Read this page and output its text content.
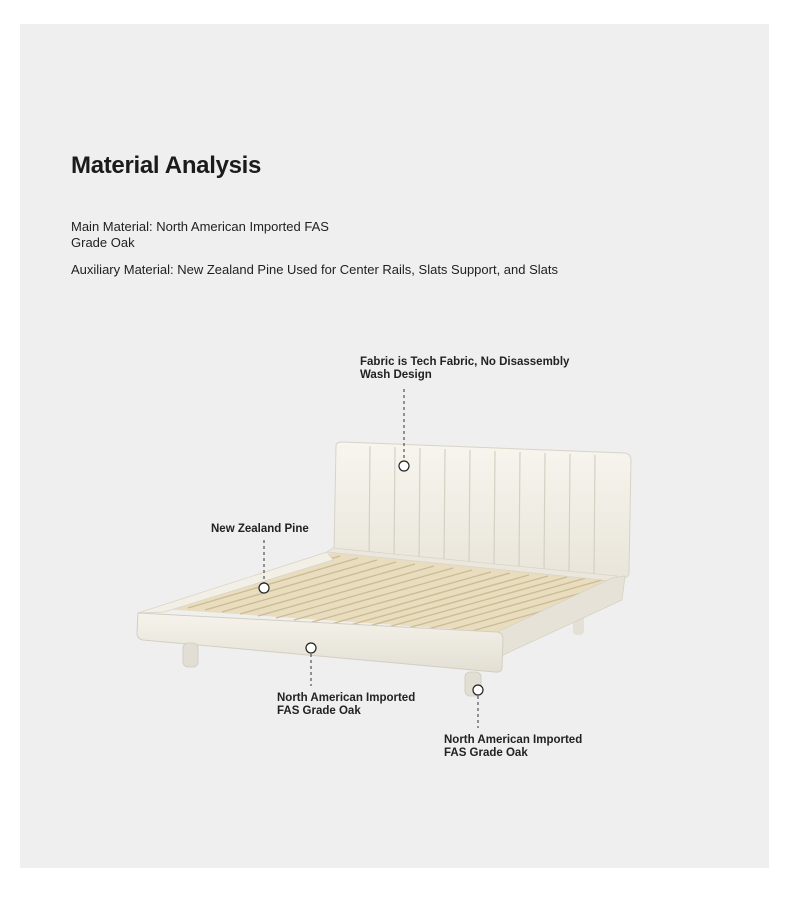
Material Analysis
Main Material: North American Imported FAS
Grade Oak
Auxiliary Material: New Zealand Pine Used for Center Rails, Slats Support, and Slats
Fabric is Tech Fabric, No Disassembly
Wash Design
New Zealand Pine
North American Imported
FAS Grade Oak
North American Imported
FAS Grade Oak
